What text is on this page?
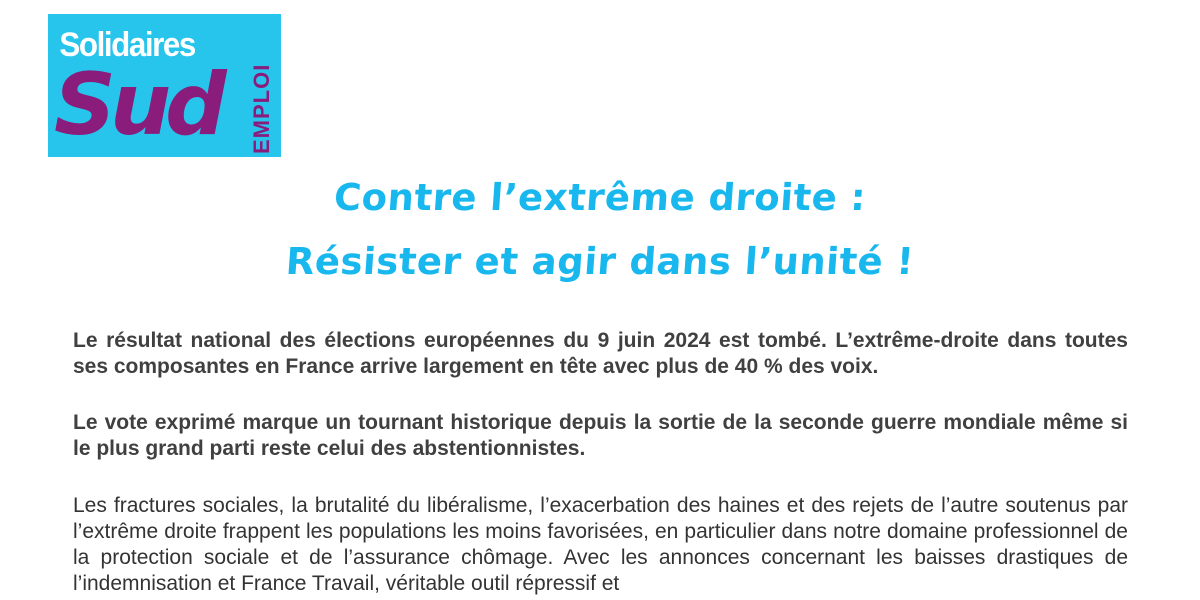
Solidaires
Sud	EMPLOI
Contre l’extrême droite :
Résister et agir dans l’unité !

Le résultat national des élections européennes du 9 juin 2024 est tombé. L’extrême-droite dans toutes ses composantes en France arrive largement en tête avec plus de 40 % des voix.

Le vote exprimé marque un tournant historique depuis la sortie de la seconde guerre mondiale même si le plus grand parti reste celui des abstentionnistes.

Les fractures sociales, la brutalité du libéralisme, l’exacerbation des haines et des rejets de l’autre soutenus par l’extrême droite frappent les populations les moins favorisées, en particulier dans notre domaine professionnel de la protection sociale et de l’assurance chômage. Avec les annonces concernant les baisses drastiques de l’indemnisation et France Travail, véritable outil répressif et
